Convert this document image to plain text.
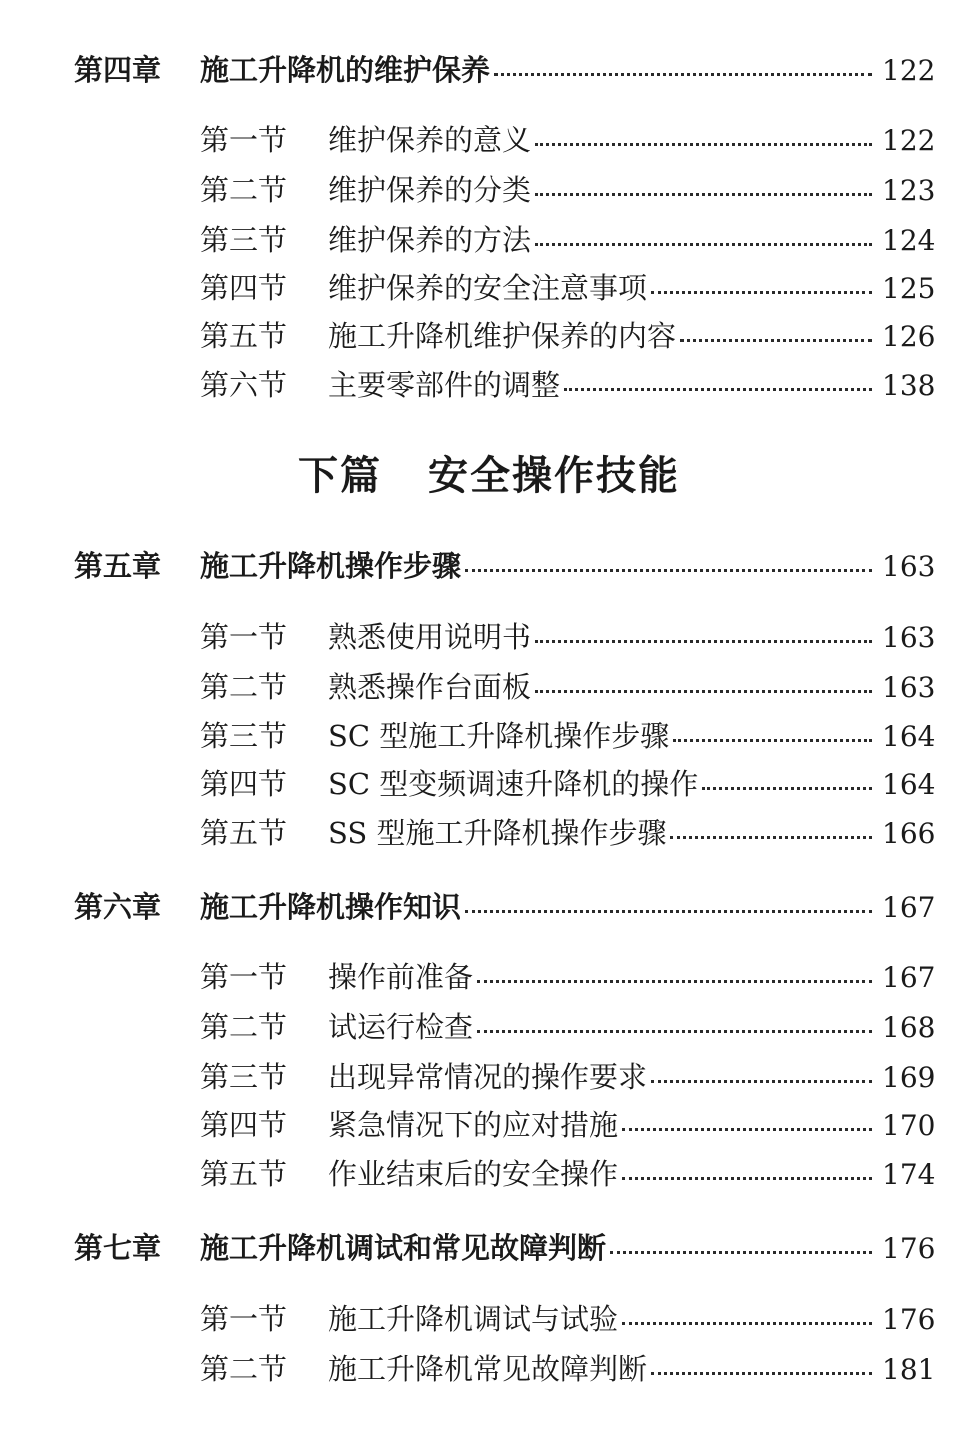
第四章	施工升降机的维护保养	122
第一节	维护保养的意义	122
第二节	维护保养的分类	123
第三节	维护保养的方法	124
第四节	维护保养的安全注意事项	125
第五节	施工升降机维护保养的内容	126
第六节	主要零部件的调整	138
下篇 安全操作技能
第五章	施工升降机操作步骤	163
第一节	熟悉使用说明书	163
第二节	熟悉操作台面板	163
第三节	SC 型施工升降机操作步骤	164
第四节	SC 型变频调速升降机的操作	164
第五节	SS 型施工升降机操作步骤	166
第六章	施工升降机操作知识	167
第一节	操作前准备	167
第二节	试运行检查	168
第三节	出现异常情况的操作要求	169
第四节	紧急情况下的应对措施	170
第五节	作业结束后的安全操作	174
第七章	施工升降机调试和常见故障判断	176
第一节	施工升降机调试与试验	176
第二节	施工升降机常见故障判断	181
